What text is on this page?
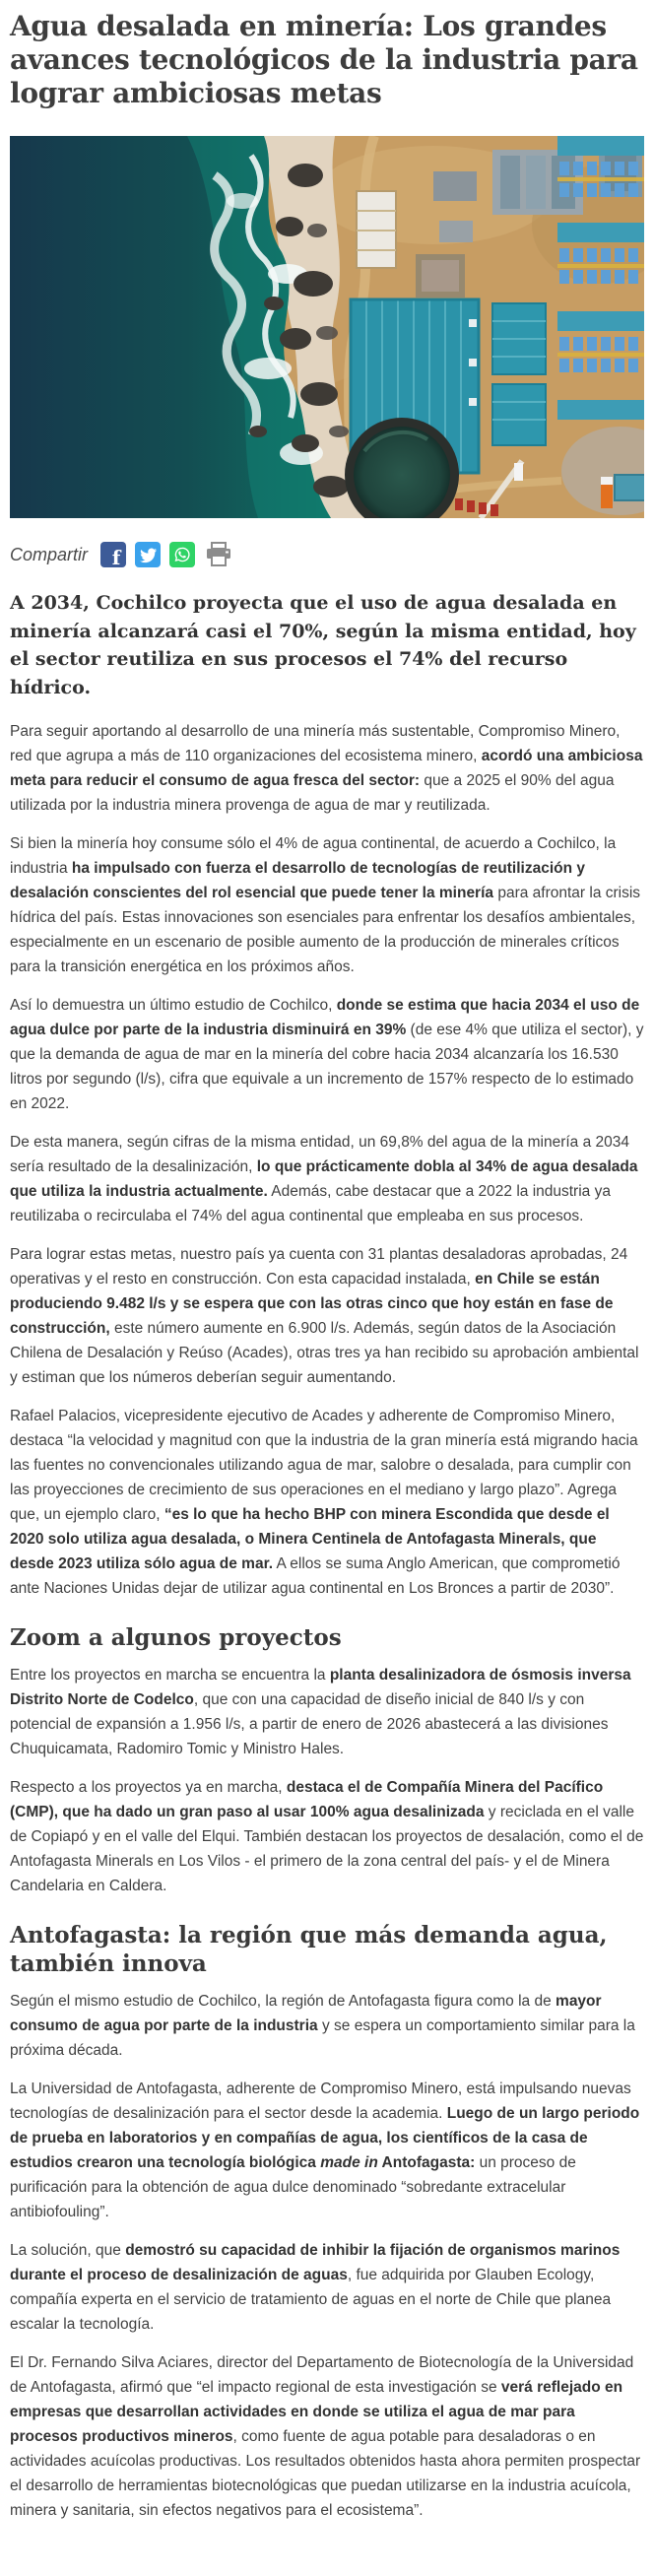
Agua desalada en minería: Los grandes avances tecnológicos de la industria para lograr ambiciosas metas
Compartir f
A 2034, Cochilco proyecta que el uso de agua desalada en minería alcanzará casi el 70%, según la misma entidad, hoy el sector reutiliza en sus procesos el 74% del recurso hídrico.

Para seguir aportando al desarrollo de una minería más sustentable, Compromiso Minero, red que agrupa a más de 110 organizaciones del ecosistema minero, acordó una ambiciosa meta para reducir el consumo de agua fresca del sector: que a 2025 el 90% del agua utilizada por la industria minera provenga de agua de mar y reutilizada.

Si bien la minería hoy consume sólo el 4% de agua continental, de acuerdo a Cochilco, la industria ha impulsado con fuerza el desarrollo de tecnologías de reutilización y desalación conscientes del rol esencial que puede tener la minería para afrontar la crisis hídrica del país. Estas innovaciones son esenciales para enfrentar los desafíos ambientales, especialmente en un escenario de posible aumento de la producción de minerales críticos para la transición energética en los próximos años.

Así lo demuestra un último estudio de Cochilco, donde se estima que hacia 2034 el uso de agua dulce por parte de la industria disminuirá en 39% (de ese 4% que utiliza el sector), y que la demanda de agua de mar en la minería del cobre hacia 2034 alcanzaría los 16.530 litros por segundo (l/s), cifra que equivale a un incremento de 157% respecto de lo estimado en 2022.

De esta manera, según cifras de la misma entidad, un 69,8% del agua de la minería a 2034 sería resultado de la desalinización, lo que prácticamente dobla al 34% de agua desalada que utiliza la industria actualmente. Además, cabe destacar que a 2022 la industria ya reutilizaba o recirculaba el 74% del agua continental que empleaba en sus procesos.

Para lograr estas metas, nuestro país ya cuenta con 31 plantas desaladoras aprobadas, 24 operativas y el resto en construcción. Con esta capacidad instalada, en Chile se están produciendo 9.482 l/s y se espera que con las otras cinco que hoy están en fase de construcción, este número aumente en 6.900 l/s. Además, según datos de la Asociación Chilena de Desalación y Reúso (Acades), otras tres ya han recibido su aprobación ambiental y estiman que los números deberían seguir aumentando.

Rafael Palacios, vicepresidente ejecutivo de Acades y adherente de Compromiso Minero, destaca “la velocidad y magnitud con que la industria de la gran minería está migrando hacia las fuentes no convencionales utilizando agua de mar, salobre o desalada, para cumplir con las proyecciones de crecimiento de sus operaciones en el mediano y largo plazo”. Agrega que, un ejemplo claro, “es lo que ha hecho BHP con minera Escondida que desde el 2020 solo utiliza agua desalada, o Minera Centinela de Antofagasta Minerals, que desde 2023 utiliza sólo agua de mar. A ellos se suma Anglo American, que comprometió ante Naciones Unidas dejar de utilizar agua continental en Los Bronces a partir de 2030”.

Zoom a algunos proyectos

Entre los proyectos en marcha se encuentra la planta desalinizadora de ósmosis inversa Distrito Norte de Codelco, que con una capacidad de diseño inicial de 840 l/s y con potencial de expansión a 1.956 l/s, a partir de enero de 2026 abastecerá a las divisiones Chuquicamata, Radomiro Tomic y Ministro Hales.

Respecto a los proyectos ya en marcha, destaca el de Compañía Minera del Pacífico (CMP), que ha dado un gran paso al usar 100% agua desalinizada y reciclada en el valle de Copiapó y en el valle del Elqui. También destacan los proyectos de desalación, como el de Antofagasta Minerals en Los Vilos - el primero de la zona central del país- y el de Minera Candelaria en Caldera.

Antofagasta: la región que más demanda agua, también innova

Según el mismo estudio de Cochilco, la región de Antofagasta figura como la de mayor consumo de agua por parte de la industria y se espera un comportamiento similar para la próxima década.

La Universidad de Antofagasta, adherente de Compromiso Minero, está impulsando nuevas tecnologías de desalinización para el sector desde la academia. Luego de un largo periodo de prueba en laboratorios y en compañías de agua, los científicos de la casa de estudios crearon una tecnología biológica made in Antofagasta: un proceso de purificación para la obtención de agua dulce denominado “sobredante extracelular antibiofouling”.

La solución, que demostró su capacidad de inhibir la fijación de organismos marinos durante el proceso de desalinización de aguas, fue adquirida por Glauben Ecology, compañía experta en el servicio de tratamiento de aguas en el norte de Chile que planea escalar la tecnología.

El Dr. Fernando Silva Aciares, director del Departamento de Biotecnología de la Universidad de Antofagasta, afirmó que “el impacto regional de esta investigación se verá reflejado en empresas que desarrollan actividades en donde se utiliza el agua de mar para procesos productivos mineros, como fuente de agua potable para desaladoras o en actividades acuícolas productivas. Los resultados obtenidos hasta ahora permiten prospectar el desarrollo de herramientas biotecnológicas que puedan utilizarse en la industria acuícola, minera y sanitaria, sin efectos negativos para el ecosistema”.
